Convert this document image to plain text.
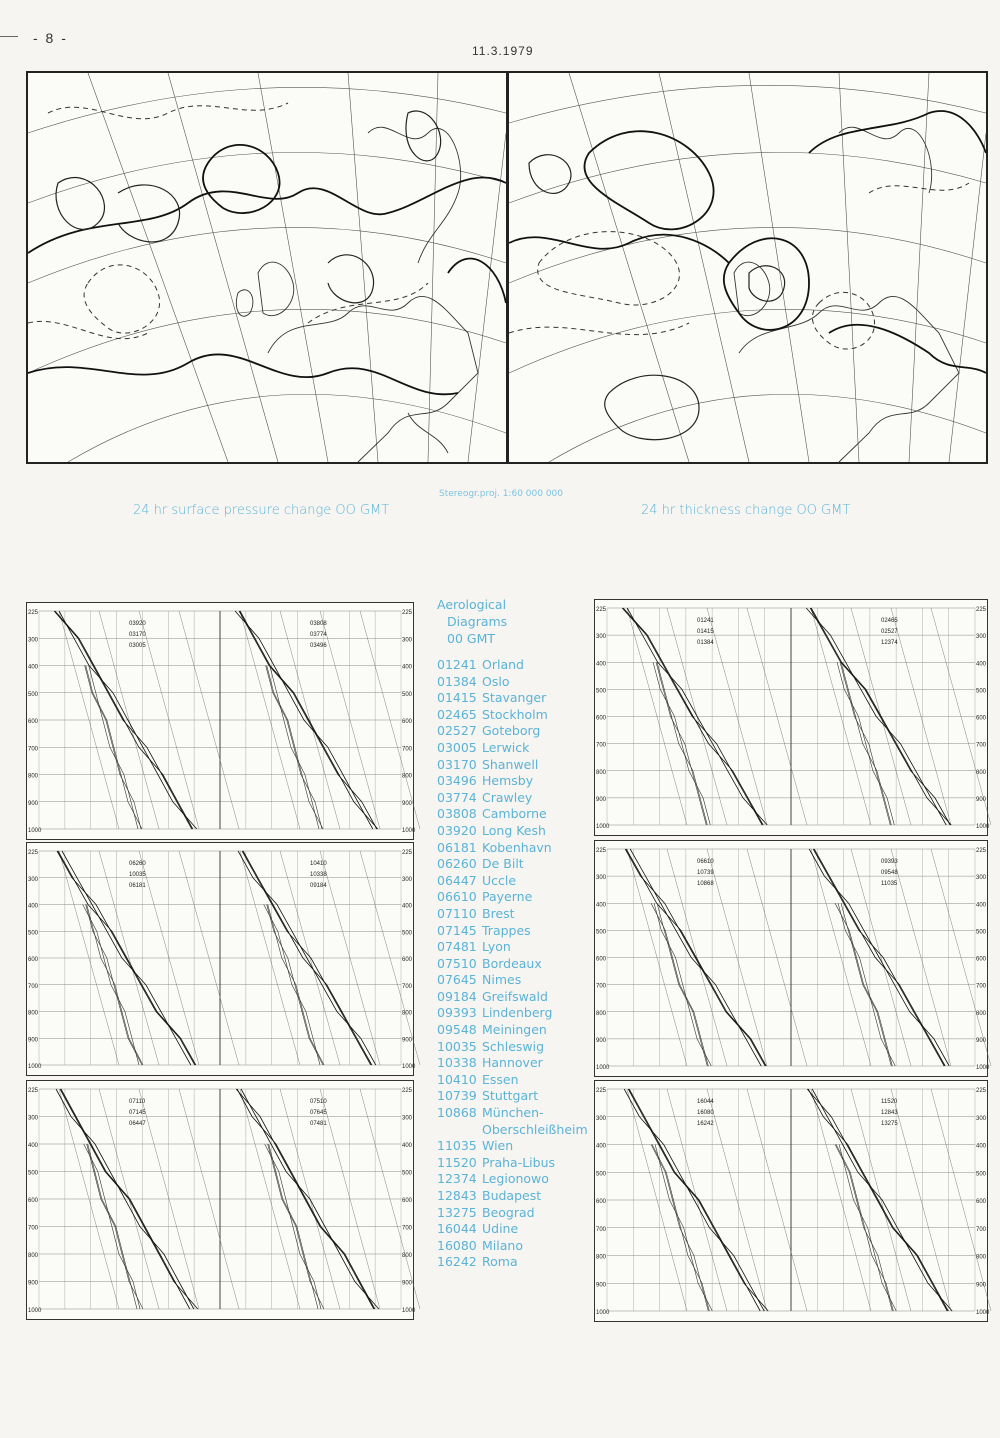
- 8 -
11.3.1979
24 hr surface pressure change OO GMT
Stereogr.proj. 1:60 000 000
24 hr thickness change OO GMT
225	225
300	300
400	400
500	500
600	600
700	700
800	800
900	900
1000	1000
03920
03170
03005
03808
03774
03496
225	225
300	300
400	400
500	500
600	600
700	700
800	800
900	900
1000	1000
06260
10035
06181
10410
10338
09184
225	225
300	300
400	400
500	500
600	600
700	700
800	800
900	900
1000	1000
07110
07145
06447
07510
07645
07481
225	225
300	300
400	400
500	500
600	600
700	700
800	800
900	900
1000	1000
01241
01415
01384
02465
02527
12374
225	225
300	300
400	400
500	500
600	600
700	700
800	800
900	900
1000	1000
06610
10739
10868
09393
09548
11035
225	225
300	300
400	400
500	500
600	600
700	700
800	800
900	900
1000	1000
16044
16080
16242
11520
12843
13275
Aerological
Diagrams
00 GMT
01241 Orland
01384 Oslo
01415 Stavanger
02465 Stockholm
02527 Goteborg
03005 Lerwick
03170 Shanwell
03496 Hemsby
03774 Crawley
03808 Camborne
03920 Long Kesh
06181 Kobenhavn
06260 De Bilt
06447 Uccle
06610 Payerne
07110 Brest
07145 Trappes
07481 Lyon
07510 Bordeaux
07645 Nimes
09184 Greifswald
09393 Lindenberg
09548 Meiningen
10035 Schleswig
10338 Hannover
10410 Essen
10739 Stuttgart
10868 München-
Oberschleißheim
11035 Wien
11520 Praha-Libus
12374 Legionowo
12843 Budapest
13275 Beograd
16044 Udine
16080 Milano
16242 Roma
